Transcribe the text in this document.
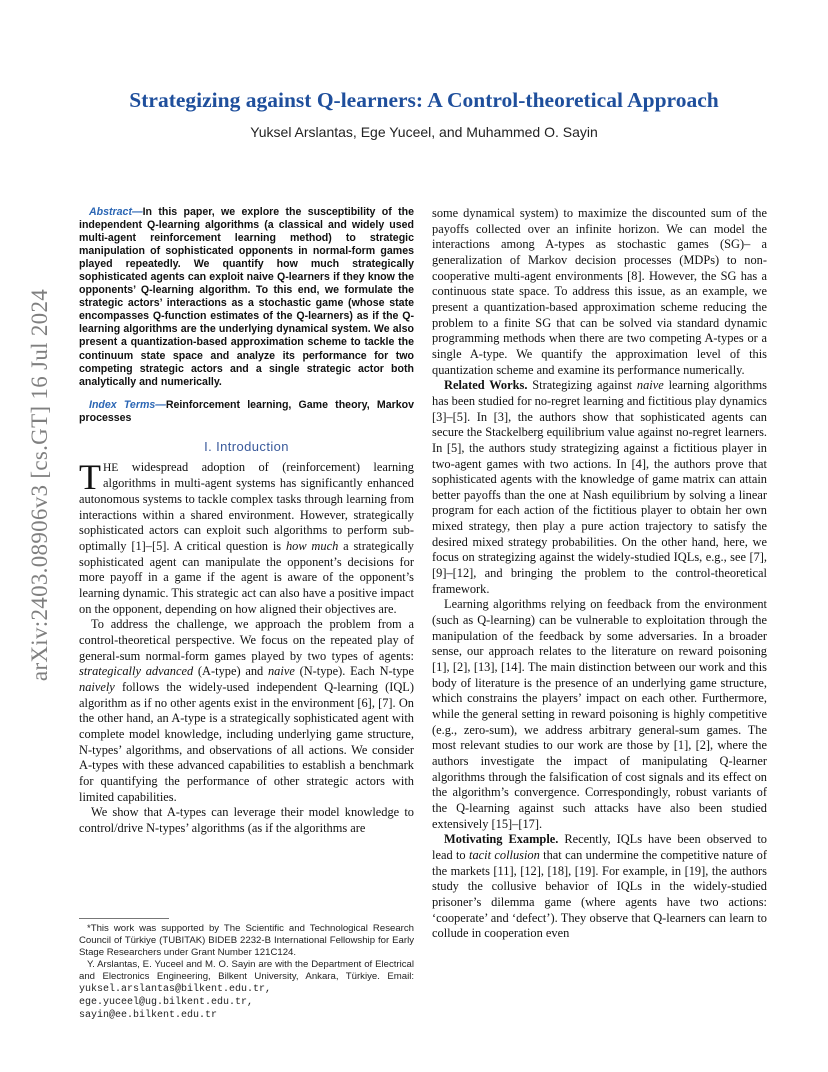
arXiv:2403.08906v3 [cs.GT] 16 Jul 2024
Strategizing against Q-learners: A Control-theoretical Approach
Yuksel Arslantas, Ege Yuceel, and Muhammed O. Sayin

Abstract—In this paper, we explore the susceptibility of the independent Q-learning algorithms (a classical and widely used multi-agent reinforcement learning method) to strategic manipulation of sophisticated opponents in normal-form games played repeatedly. We quantify how much strategically sophisticated agents can exploit naive Q-learners if they know the opponents’ Q-learning algorithm. To this end, we formulate the strategic actors’ interactions as a stochastic game (whose state encompasses Q-function estimates of the Q-learners) as if the Q-learning algorithms are the underlying dynamical system. We also present a quantization-based approximation scheme to tackle the continuum state space and analyze its performance for two competing strategic actors and a single strategic actor both analytically and numerically.

Index Terms—Reinforcement learning, Game theory, Markov processes

I. Introduction

THE widespread adoption of (reinforcement) learning algorithms in multi-agent systems has significantly enhanced autonomous systems to tackle complex tasks through learning from interactions within a shared environment. However, strategically sophisticated actors can exploit such algorithms to perform sub-optimally [1]–[5]. A critical question is how much a strategically sophisticated agent can manipulate the opponent’s decisions for more payoff in a game if the agent is aware of the opponent’s learning dynamic. This strategic act can also have a positive impact on the opponent, depending on how aligned their objectives are.

To address the challenge, we approach the problem from a control-theoretical perspective. We focus on the repeated play of general-sum normal-form games played by two types of agents: strategically advanced (A-type) and naive (N-type). Each N-type naively follows the widely-used independent Q-learning (IQL) algorithm as if no other agents exist in the environment [6], [7]. On the other hand, an A-type is a strategically sophisticated agent with complete model knowledge, including underlying game structure, N-types’ algorithms, and observations of all actions. We consider A-types with these advanced capabilities to establish a benchmark for quantifying the performance of other strategic actors with limited capabilities.

We show that A-types can leverage their model knowledge to control/drive N-types’ algorithms (as if the algorithms are

*This work was supported by The Scientific and Technological Research Council of Türkiye (TUBITAK) BIDEB 2232-B International Fellowship for Early Stage Researchers under Grant Number 121C124.

Y. Arslantas, E. Yuceel and M. O. Sayin are with the Department of Electrical and Electronics Engineering, Bilkent University, Ankara, Türkiye. Email: yuksel.arslantas@bilkent.edu.tr,
ege.yuceel@ug.bilkent.edu.tr,
sayin@ee.bilkent.edu.tr

some dynamical system) to maximize the discounted sum of the payoffs collected over an infinite horizon. We can model the interactions among A-types as stochastic games (SG)– a generalization of Markov decision processes (MDPs) to non-cooperative multi-agent environments [8]. However, the SG has a continuous state space. To address this issue, as an example, we present a quantization-based approximation scheme reducing the problem to a finite SG that can be solved via standard dynamic programming methods when there are two competing A-types or a single A-type. We quantify the approximation level of this quantization scheme and examine its performance numerically.

Related Works. Strategizing against naive learning algorithms has been studied for no-regret learning and fictitious play dynamics [3]–[5]. In [3], the authors show that sophisticated agents can secure the Stackelberg equilibrium value against no-regret learners. In [5], the authors study strategizing against a fictitious player in two-agent games with two actions. In [4], the authors prove that sophisticated agents with the knowledge of game matrix can attain better payoffs than the one at Nash equilibrium by solving a linear program for each action of the fictitious player to obtain her own mixed strategy, then play a pure action trajectory to satisfy the desired mixed strategy probabilities. On the other hand, here, we focus on strategizing against the widely-studied IQLs, e.g., see [7], [9]–[12], and bringing the problem to the control-theoretical framework.

Learning algorithms relying on feedback from the environment (such as Q-learning) can be vulnerable to exploitation through the manipulation of the feedback by some adversaries. In a broader sense, our approach relates to the literature on reward poisoning [1], [2], [13], [14]. The main distinction between our work and this body of literature is the presence of an underlying game structure, which constrains the players’ impact on each other. Furthermore, while the general setting in reward poisoning is highly competitive (e.g., zero-sum), we address arbitrary general-sum games. The most relevant studies to our work are those by [1], [2], where the authors investigate the impact of manipulating Q-learner algorithms through the falsification of cost signals and its effect on the algorithm’s convergence. Correspondingly, robust variants of the Q-learning against such attacks have also been studied extensively [15]–[17].

Motivating Example. Recently, IQLs have been observed to lead to tacit collusion that can undermine the competitive nature of the markets [11], [12], [18], [19]. For example, in [19], the authors study the collusive behavior of IQLs in the widely-studied prisoner’s dilemma game (where agents have two actions: ‘cooperate’ and ‘defect’). They observe that Q-learners can learn to collude in cooperation even
